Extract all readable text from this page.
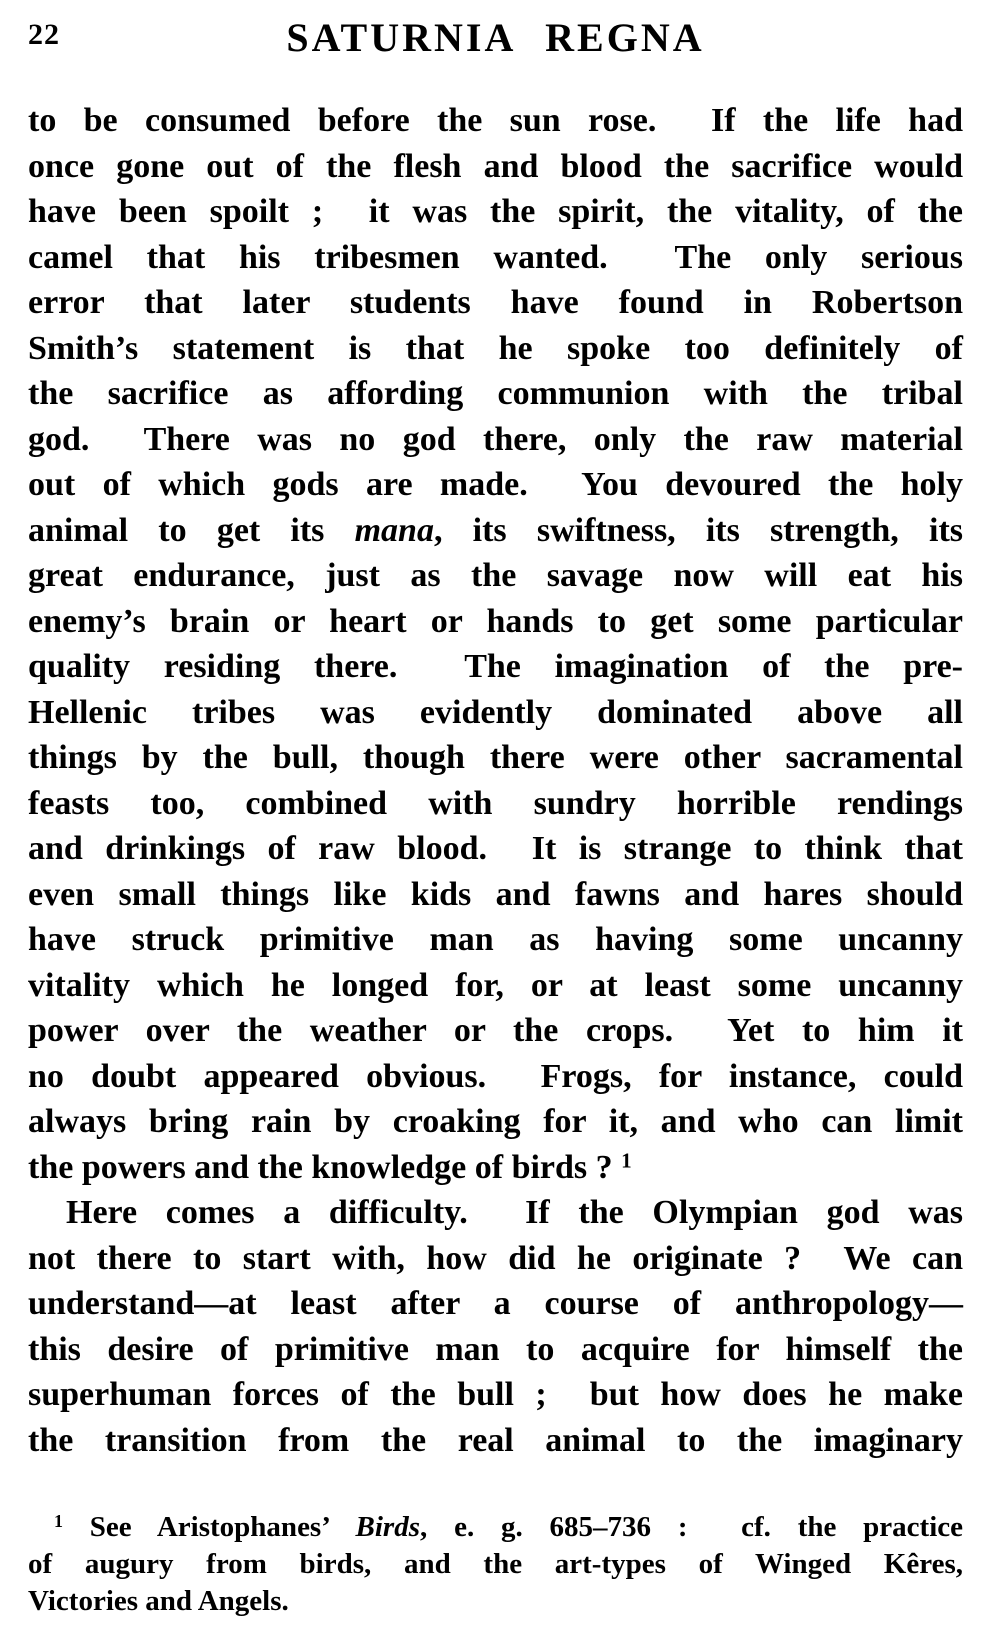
22	SATURNIA REGNA
to be consumed before the sun rose.  If the life had
once gone out of the flesh and blood the sacrifice would
have been spoilt ;  it was the spirit, the vitality, of the
camel that his tribesmen wanted.  The only serious
error that later students have found in Robertson
Smith’s statement is that he spoke too definitely of
the sacrifice as affording communion with the tribal
god.  There was no god there, only the raw material
out of which gods are made.  You devoured the holy
animal to get its mana, its swiftness, its strength, its
great endurance, just as the savage now will eat his
enemy’s brain or heart or hands to get some particular
quality residing there.  The imagination of the pre-
Hellenic tribes was evidently dominated above all
things by the bull, though there were other sacramental
feasts too, combined with sundry horrible rendings
and drinkings of raw blood.  It is strange to think that
even small things like kids and fawns and hares should
have struck primitive man as having some uncanny
vitality which he longed for, or at least some uncanny
power over the weather or the crops.  Yet to him it
no doubt appeared obvious.  Frogs, for instance, could
always bring rain by croaking for it, and who can limit
the powers and the knowledge of birds ? $^1$
Here comes a difficulty.  If the Olympian god was
not there to start with, how did he originate ?  We can
understand—at least after a course of anthropology—
this desire of primitive man to acquire for himself the
superhuman forces of the bull ;  but how does he make
the transition from the real animal to the imaginary
$^1$ See Aristophanes’ Birds, e. g. 685–736 :  cf. the practice
of augury from birds, and the art-types of Winged Kêres,
Victories and Angels.
